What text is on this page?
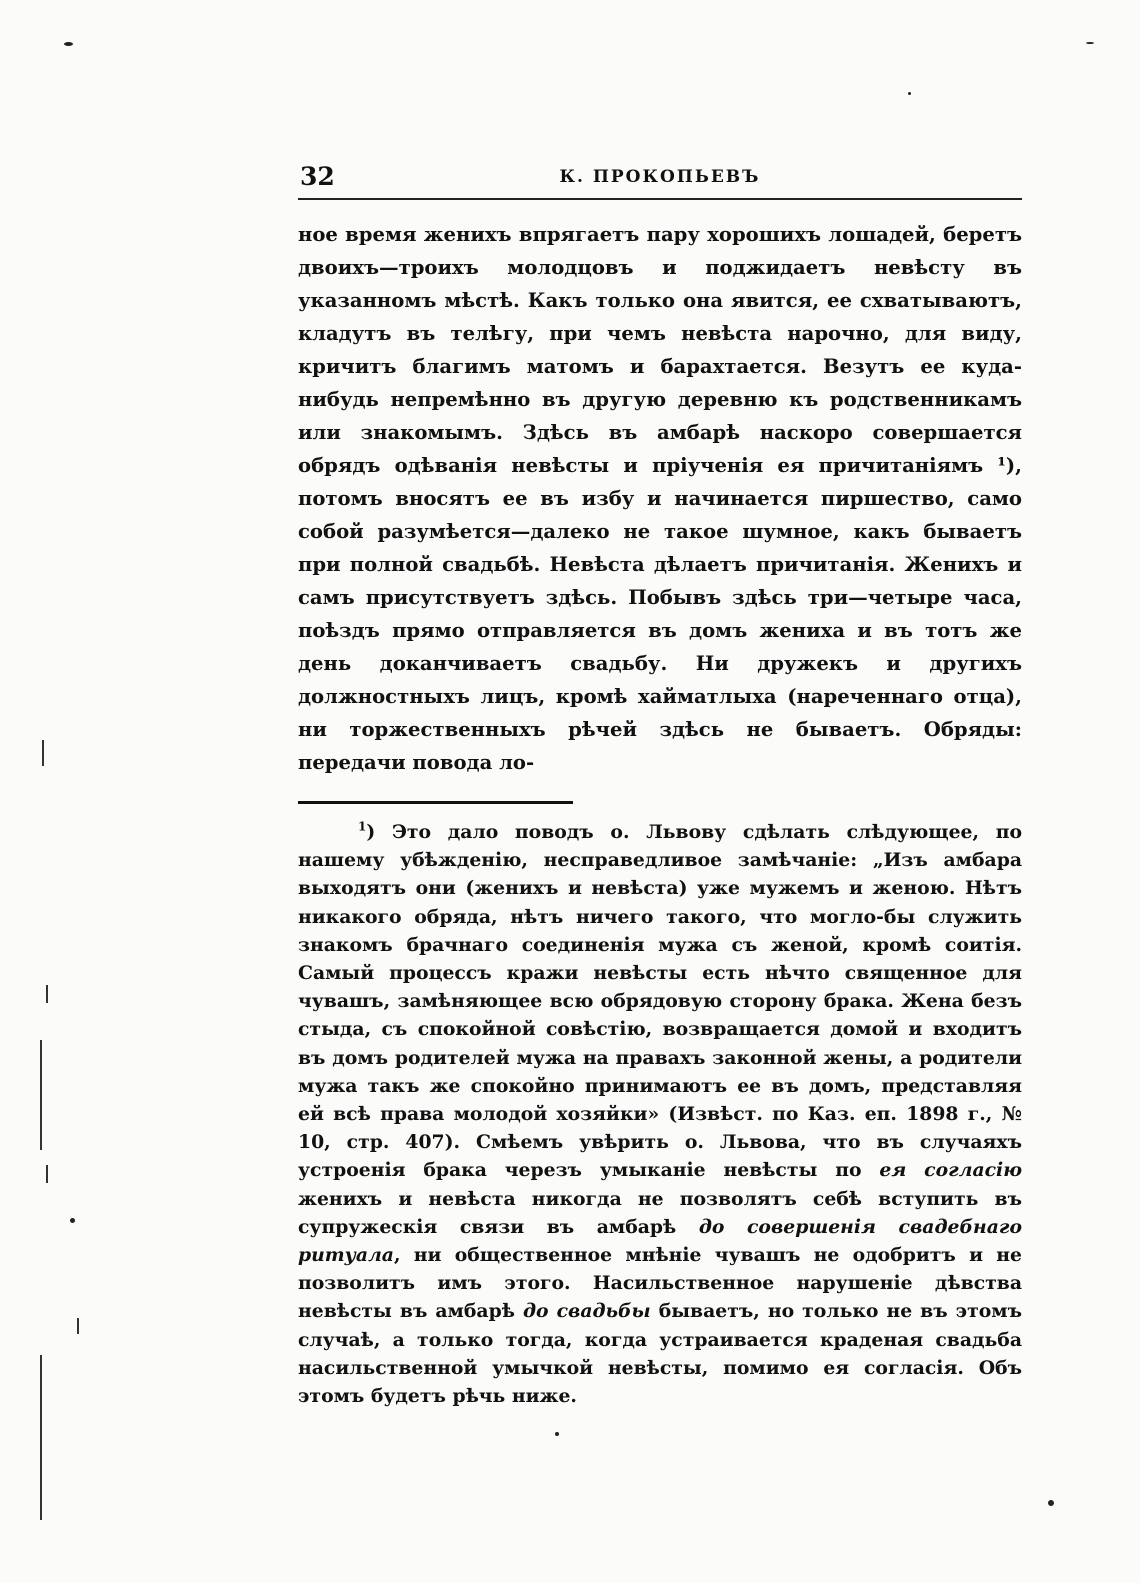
32	К. ПРОКОПЬЕВЪ

ное время женихъ впрягаетъ пару хорошихъ лошадей, беретъ двоихъ—троихъ молодцовъ и поджидаетъ невѣсту въ указанномъ мѣстѣ. Какъ только она явится, ее схватываютъ, кладутъ въ телѣгу, при чемъ невѣста нарочно, для виду, кричитъ благимъ матомъ и барахтается. Везутъ ее куда-нибудь непремѣнно въ другую деревню къ родственникамъ или знакомымъ. Здѣсь въ амбарѣ наскоро совершается обрядъ одѣванія невѣсты и пріученія ея причитаніямъ ¹), потомъ вносятъ ее въ избу и начинается пиршество, само собой разумѣется—далеко не такое шумное, какъ бываетъ при полной свадьбѣ. Невѣста дѣлаетъ причитанія. Женихъ и самъ присутствуетъ здѣсь. Побывъ здѣсь три—четыре часа, поѣздъ прямо отправляется въ домъ жениха и въ тотъ же день доканчиваетъ свадьбу. Ни дружекъ и другихъ должностныхъ лицъ, кромѣ хайматлыха (нареченнаго отца), ни торжественныхъ рѣчей здѣсь не бываетъ. Обряды: передачи повода ло-

$^1$) Это дало поводъ о. Львову сдѣлать слѣдующее, по нашему убѣжденію, несправедливое замѣчаніе: „Изъ амбара выходятъ они (женихъ и невѣста) уже мужемъ и женою. Нѣтъ никакого обряда, нѣтъ ничего такого, что могло-бы служить знакомъ брачнаго соединенія мужа съ женой, кромѣ соитія. Самый процессъ кражи невѣсты есть нѣчто священное для чувашъ, замѣняющее всю обрядовую сторону брака. Жена безъ стыда, съ спокойной совѣстію, возвращается домой и входитъ въ домъ родителей мужа на правахъ законной жены, а родители мужа такъ же спокойно принимаютъ ее въ домъ, представляя ей всѣ права молодой хозяйки» (Извѣст. по Каз. еп. 1898 г., № 10, стр. 407). Смѣемъ увѣрить о. Львова, что въ случаяхъ устроенія брака черезъ умыканіе невѣсты по ея согласію женихъ и невѣста никогда не позволятъ себѣ вступить въ супружескія связи въ амбарѣ до совершенія свадебнаго ритуала, ни общественное мнѣніе чувашъ не одобритъ и не позволитъ имъ этого. Насильственное нарушеніе дѣвства невѣсты въ амбарѣ до свадьбы бываетъ, но только не въ этомъ случаѣ, а только тогда, когда устраивается краденая свадьба насильственной умычкой невѣсты, помимо ея согласія. Объ этомъ будетъ рѣчь ниже.
